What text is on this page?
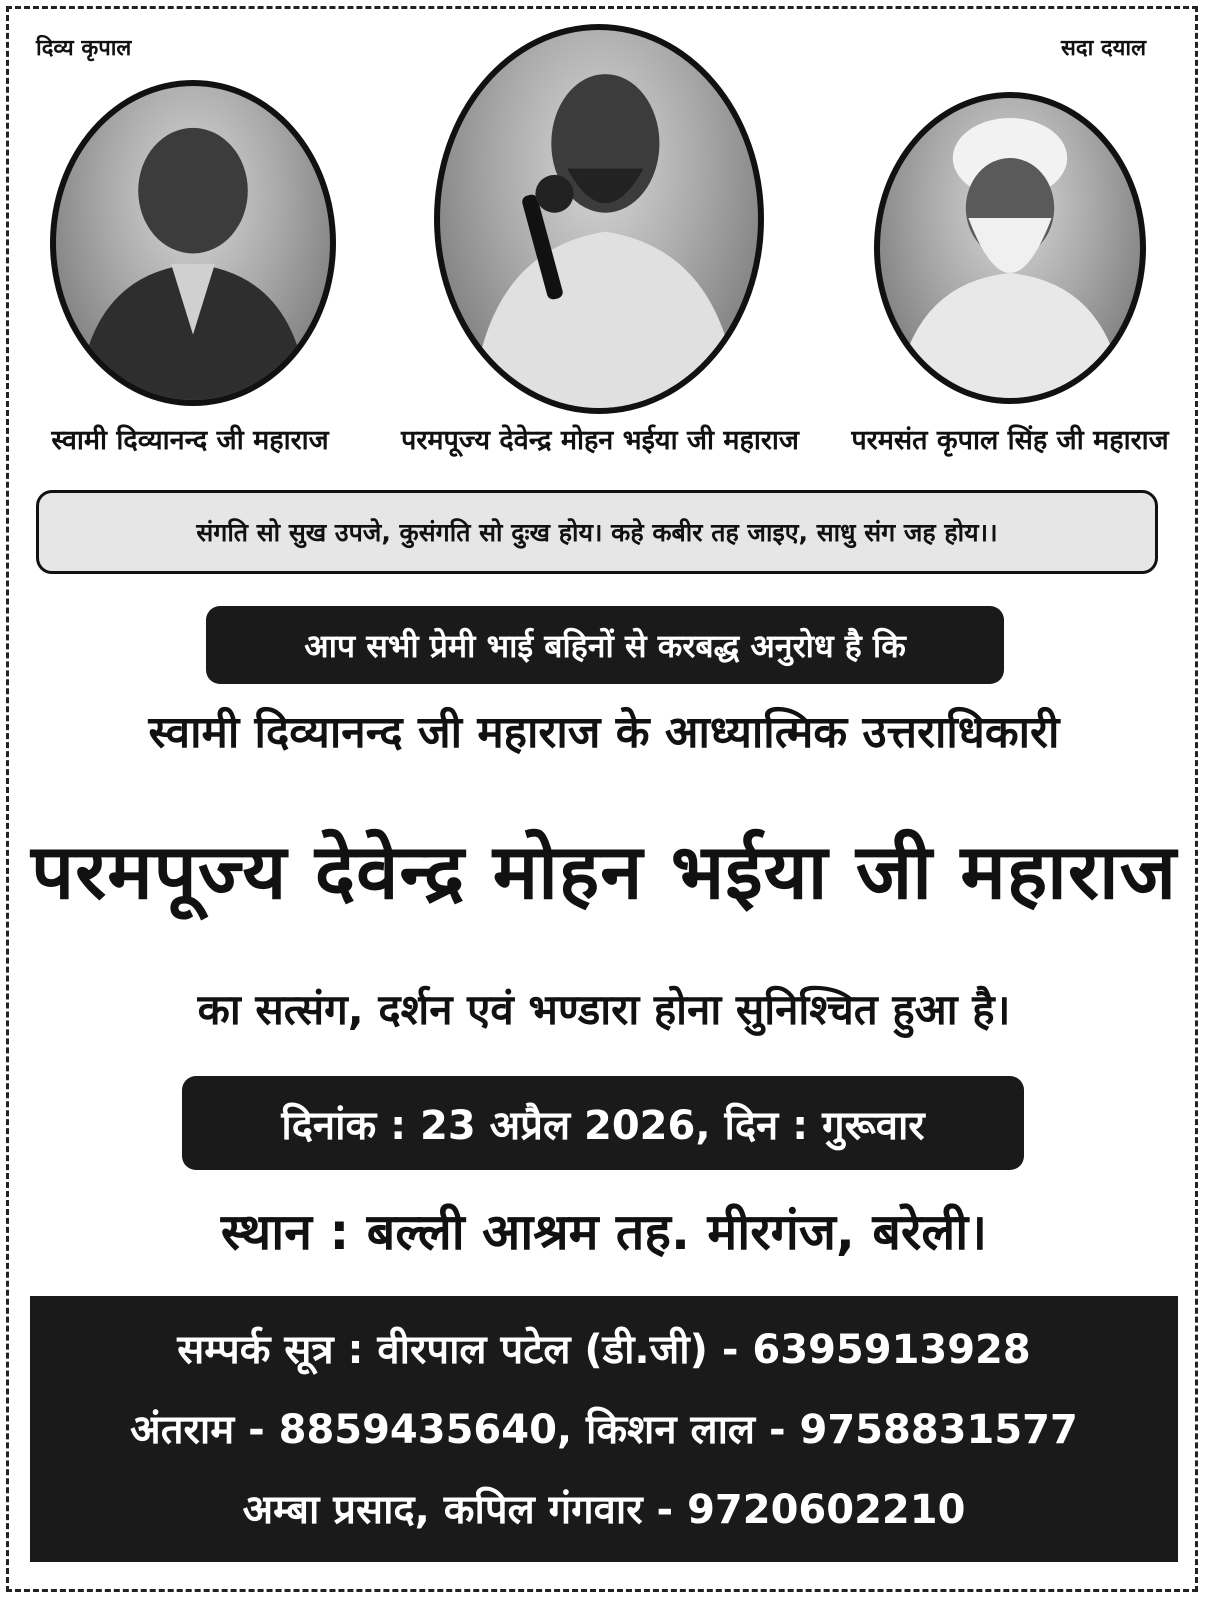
दिव्य कृपाल	सदा दयाल
स्वामी दिव्यानन्द जी महाराज	परमपूज्य देवेन्द्र मोहन भईया जी महाराज	परमसंत कृपाल सिंह जी महाराज
संगति सो सुख उपजे, कुसंगति सो दुःख होय। कहे कबीर तह जाइए, साधु संग जह होय।।
आप सभी प्रेमी भाई बहिनों से करबद्ध अनुरोध है कि
स्वामी दिव्यानन्द जी महाराज के आध्यात्मिक उत्तराधिकारी
परमपूज्य देवेन्द्र मोहन भईया जी महाराज
का सत्संग, दर्शन एवं भण्डारा होना सुनिश्चित हुआ है।
दिनांक : 23 अप्रैल 2026, दिन : गुरूवार
स्थान : बल्ली आश्रम तह. मीरगंज, बरेली।
सम्पर्क सूत्र : वीरपाल पटेल (डी.जी) - 6395913928
अंतराम - 8859435640, किशन लाल - 9758831577
अम्बा प्रसाद, कपिल गंगवार - 9720602210
